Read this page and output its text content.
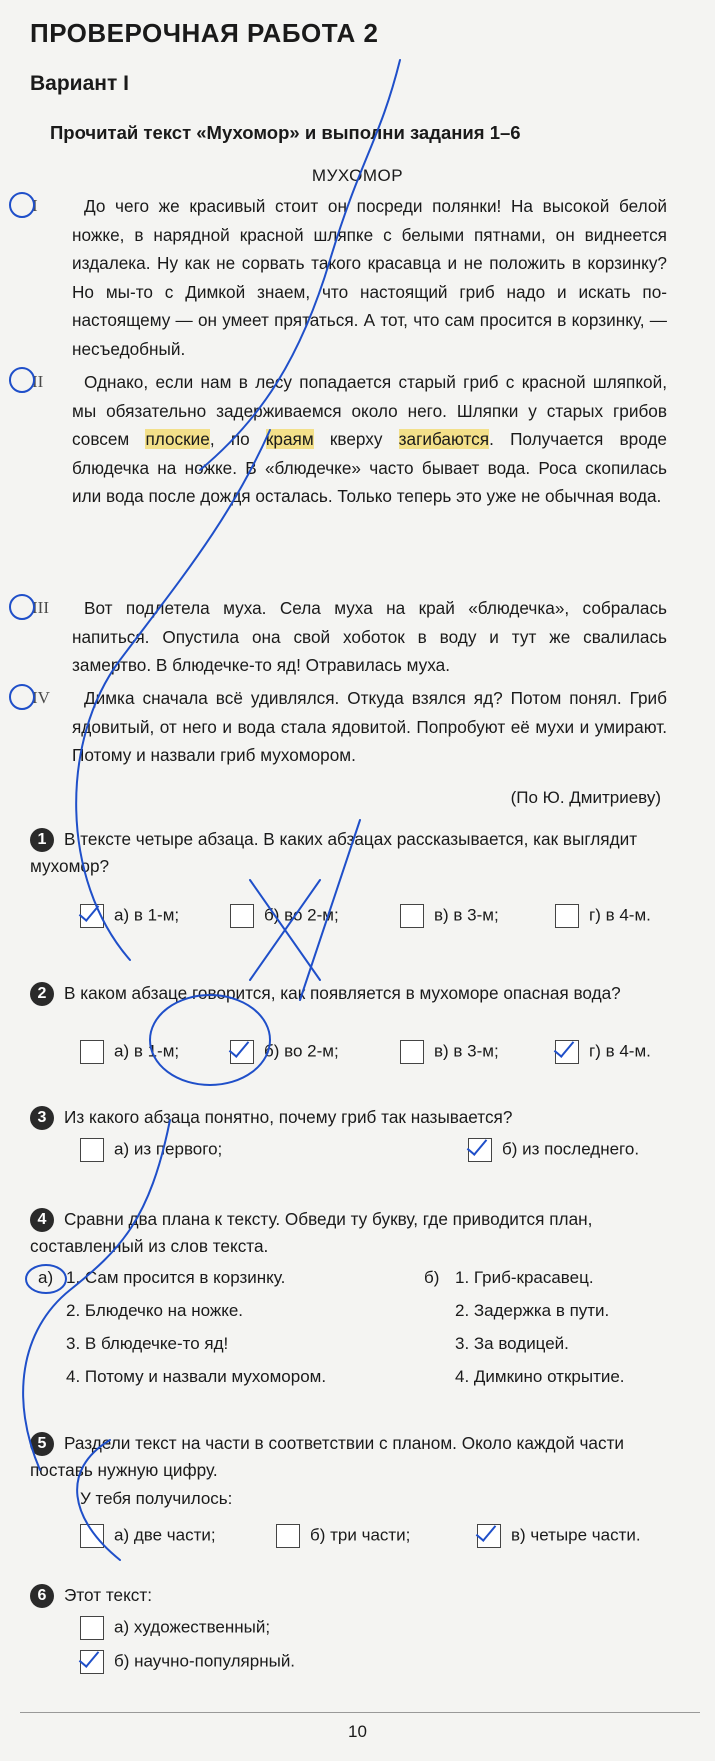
ПРОВЕРОЧНАЯ РАБОТА 2
Вариант I
Прочитай текст «Мухомор» и выполни задания 1–6
МУХОМОР
I	До чего же красивый стоит он посреди полянки! На высокой белой ножке, в нарядной красной шляпке с белыми пятнами, он виднеется издалека. Ну как не сорвать такого красавца и не положить в корзинку? Но мы-то с Димкой знаем, что настоящий гриб надо и искать по-настоящему — он умеет прятаться. А тот, что сам просится в корзинку, — несъедобный.
II Однако, если нам в лесу попадается старый гриб с красной шляпкой, мы обязательно задерживаемся около него. Шляпки у старых грибов совсем плоские, по краям кверху загибаются. Получается вроде блюдечка на ножке. В «блюдечке» часто бывает вода. Роса скопилась или вода после дождя осталась. Только теперь это уже не обычная вода.
III Вот подлетела муха. Села муха на край «блюдечка», собралась напиться. Опустила она свой хоботок в воду и тут же свалилась замертво. В блюдечке-то яд! Отравилась муха.
IV Димка сначала всё удивлялся. Откуда взялся яд? Потом понял. Гриб ядовитый, от него и вода стала ядовитой. Попробуют её мухи и умирают. Потому и назвали гриб мухомором.
(По Ю. Дмитриеву)
1 В тексте четыре абзаца. В каких абзацах рассказывается, как выглядит мухомор?
а) в 1-м;	б) во 2-м;	в) в 3-м;	г) в 4-м.
2 В каком абзаце говорится, как появляется в мухоморе опасная вода?
а) в 1-м;	б) во 2-м;	в) в 3-м;	г) в 4-м.
3 Из какого абзаца понятно, почему гриб так называется?
а) из первого;	б) из последнего.
4 Сравни два плана к тексту. Обведи ту букву, где приводится план, составленный из слов текста.
а) 1. Сам просится в корзинку.
2. Блюдечко на ножке.
3. В блюдечке-то яд!
4. Потому и назвали мухомором.
б) 1. Гриб-красавец.
2. Задержка в пути.
3. За водицей.
4. Димкино открытие.
5 Раздели текст на части в соответствии с планом. Около каждой части поставь нужную цифру.
У тебя получилось:
а) две части;	б) три части;	в) четыре части.
6 Этот текст:
а) художественный;
б) научно-популярный.
10
